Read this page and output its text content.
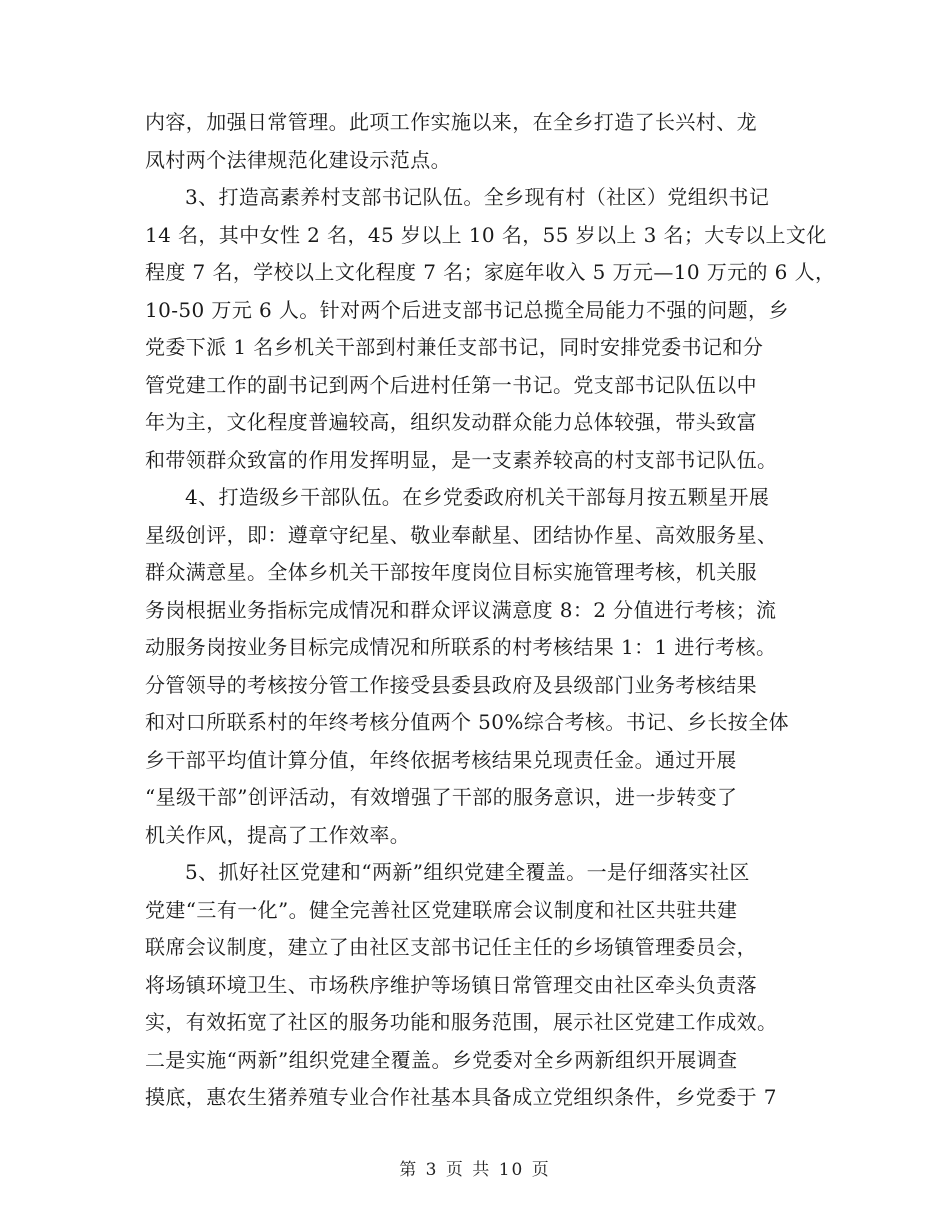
内容，加强日常管理。此项工作实施以来，在全乡打造了长兴村、龙
凤村两个法律规范化建设示范点。
3、打造高素养村支部书记队伍。全乡现有村（社区）党组织书记
14 名，其中女性 2 名，45 岁以上 10 名，55 岁以上 3 名；大专以上文化
程度 7 名，学校以上文化程度 7 名；家庭年收入 5 万元—10 万元的 6 人，
10-50 万元 6 人。针对两个后进支部书记总揽全局能力不强的问题，乡
党委下派 1 名乡机关干部到村兼任支部书记，同时安排党委书记和分
管党建工作的副书记到两个后进村任第一书记。党支部书记队伍以中
年为主，文化程度普遍较高，组织发动群众能力总体较强，带头致富
和带领群众致富的作用发挥明显，是一支素养较高的村支部书记队伍。
4、打造级乡干部队伍。在乡党委政府机关干部每月按五颗星开展
星级创评，即：遵章守纪星、敬业奉献星、团结协作星、高效服务星、
群众满意星。全体乡机关干部按年度岗位目标实施管理考核，机关服
务岗根据业务指标完成情况和群众评议满意度 8：2 分值进行考核；流
动服务岗按业务目标完成情况和所联系的村考核结果 1：1 进行考核。
分管领导的考核按分管工作接受县委县政府及县级部门业务考核结果
和对口所联系村的年终考核分值两个 50%综合考核。书记、乡长按全体
乡干部平均值计算分值，年终依据考核结果兑现责任金。通过开展
“星级干部”创评活动，有效增强了干部的服务意识，进一步转变了
机关作风，提高了工作效率。
5、抓好社区党建和“两新”组织党建全覆盖。一是仔细落实社区
党建“三有一化”。健全完善社区党建联席会议制度和社区共驻共建
联席会议制度，建立了由社区支部书记任主任的乡场镇管理委员会，
将场镇环境卫生、市场秩序维护等场镇日常管理交由社区牵头负责落
实，有效拓宽了社区的服务功能和服务范围，展示社区党建工作成效。
二是实施“两新”组织党建全覆盖。乡党委对全乡两新组织开展调查
摸底，惠农生猪养殖专业合作社基本具备成立党组织条件，乡党委于 7
第 3 页 共 10 页
